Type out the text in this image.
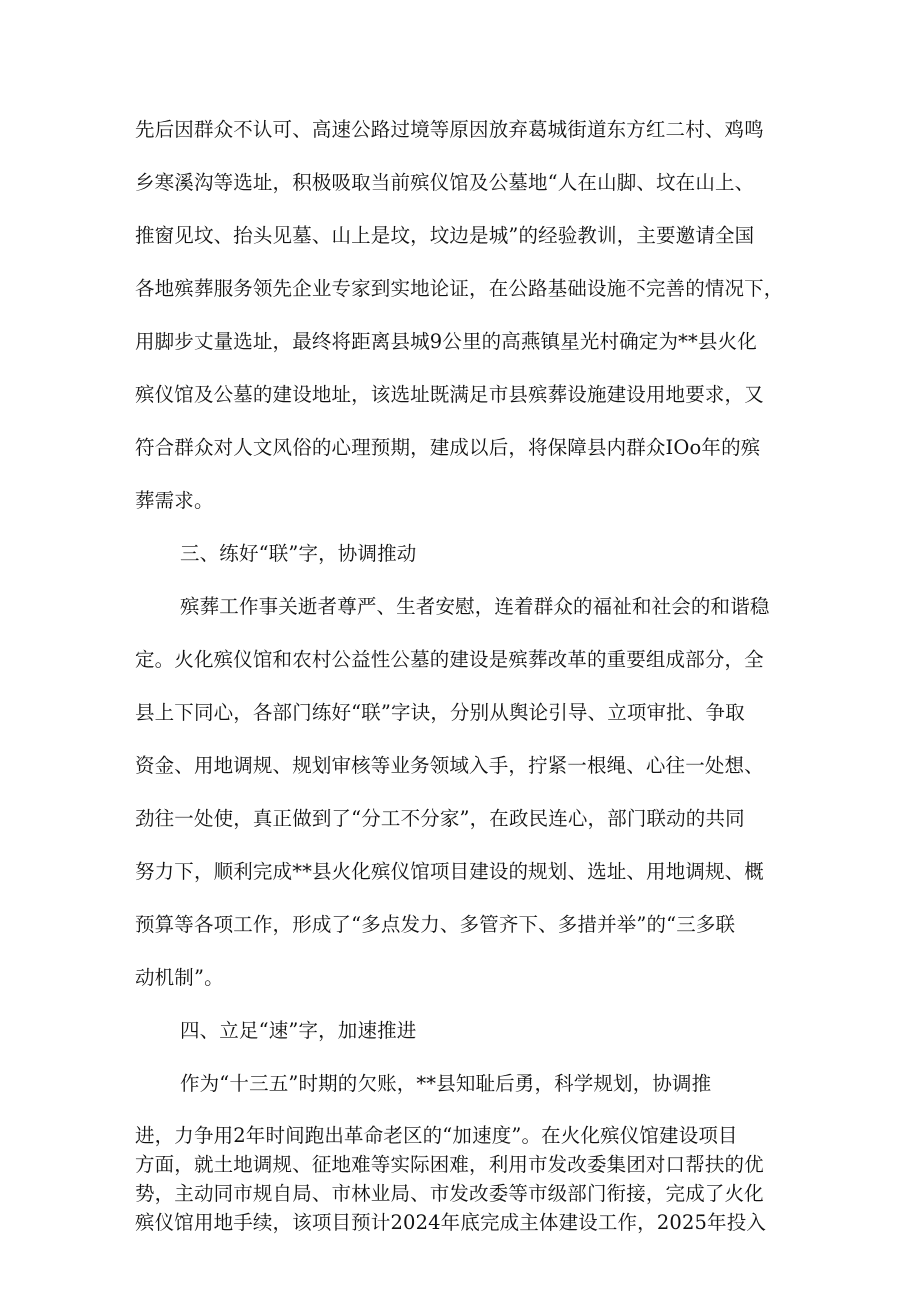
先后因群众不认可、高速公路过境等原因放弃葛城街道东方红二村、鸡鸣
乡寒溪沟等选址，积极吸取当前殡仪馆及公墓地“人在山脚、坟在山上、
推窗见坟、抬头见墓、山上是坟，坟边是城”的经验教训，主要邀请全国
各地殡葬服务领先企业专家到实地论证，在公路基础设施不完善的情况下，
用脚步丈量选址，最终将距离县城9公里的高燕镇星光村确定为**县火化
殡仪馆及公墓的建设地址，该选址既满足市县殡葬设施建设用地要求，又
符合群众对人文风俗的心理预期，建成以后，将保障县内群众IOo年的殡
葬需求。
三、练好“联”字，协调推动
殡葬工作事关逝者尊严、生者安慰，连着群众的福祉和社会的和谐稳
定。火化殡仪馆和农村公益性公墓的建设是殡葬改革的重要组成部分，全
县上下同心，各部门练好“联”字诀，分别从舆论引导、立项审批、争取
资金、用地调规、规划审核等业务领域入手，拧紧一根绳、心往一处想、
劲往一处使，真正做到了“分工不分家”，在政民连心，部门联动的共同
努力下，顺利完成**县火化殡仪馆项目建设的规划、选址、用地调规、概
预算等各项工作，形成了“多点发力、多管齐下、多措并举”的“三多联
动机制”。
四、立足“速”字，加速推进
作为“十三五”时期的欠账，**县知耻后勇，科学规划，协调推
进，力争用2年时间跑出革命老区的“加速度”。在火化殡仪馆建设项目
方面，就土地调规、征地难等实际困难，利用市发改委集团对口帮扶的优
势，主动同市规自局、市林业局、市发改委等市级部门衔接，完成了火化
殡仪馆用地手续，该项目预计2024年底完成主体建设工作，2025年投入
